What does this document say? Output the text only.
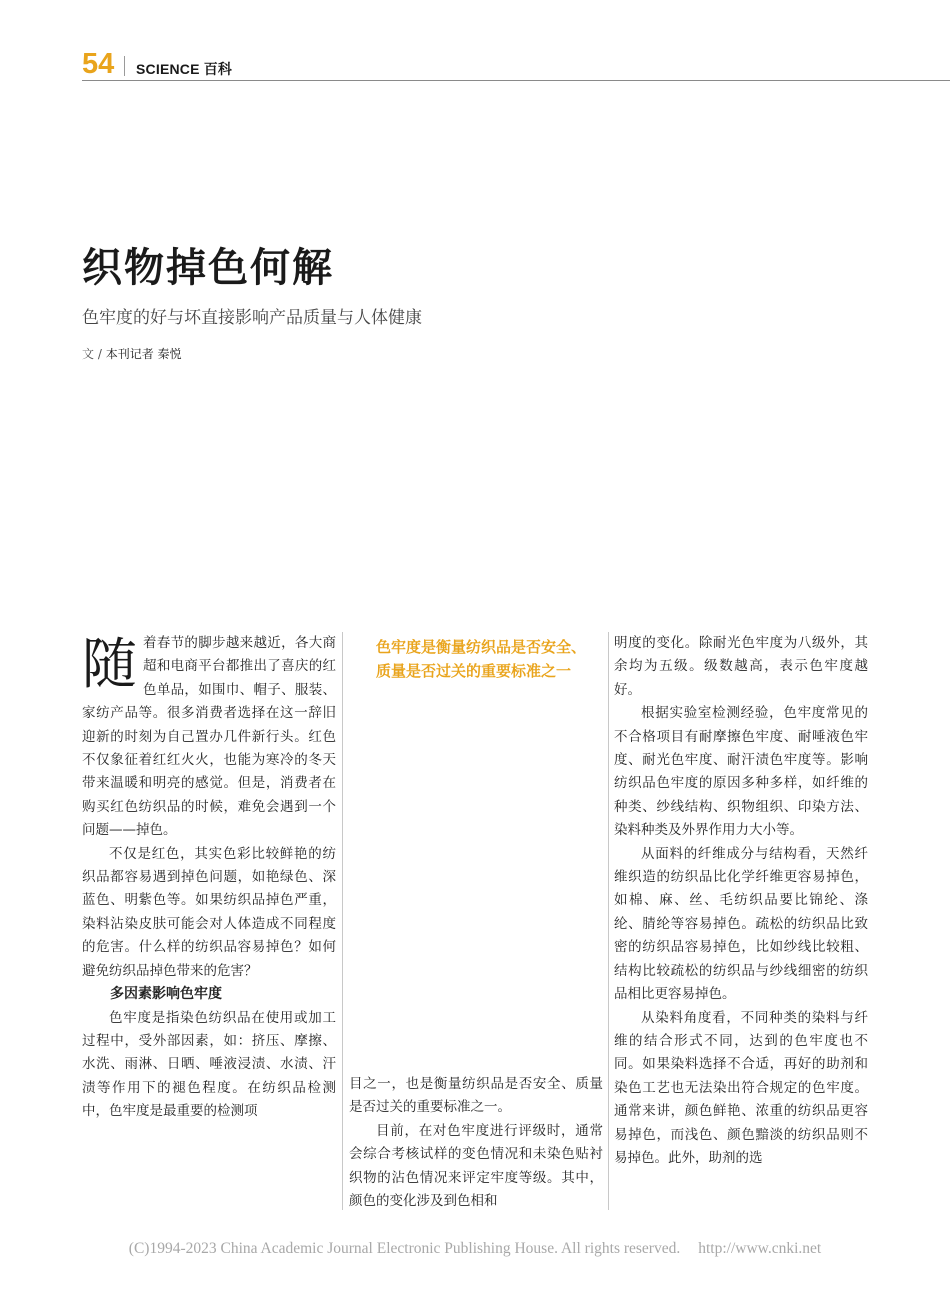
54 SCIENCE 百科
织物掉色何解
色牢度的好与坏直接影响产品质量与人体健康
文 / 本刊记者 秦悦

随着春节的脚步越来越近，各大商超和电商平台都推出了喜庆的红色单品，如围巾、帽子、服装、家纺产品等。很多消费者选择在这一辞旧迎新的时刻为自己置办几件新行头。红色不仅象征着红红火火，也能为寒冷的冬天带来温暖和明亮的感觉。但是，消费者在购买红色纺织品的时候，难免会遇到一个问题——掉色。

不仅是红色，其实色彩比较鲜艳的纺织品都容易遇到掉色问题，如艳绿色、深蓝色、明紫色等。如果纺织品掉色严重，染料沾染皮肤可能会对人体造成不同程度的危害。什么样的纺织品容易掉色？如何避免纺织品掉色带来的危害？

多因素影响色牢度

色牢度是指染色纺织品在使用或加工过程中，受外部因素，如：挤压、摩擦、水洗、雨淋、日晒、唾液浸渍、水渍、汗渍等作用下的褪色程度。在纺织品检测中，色牢度是最重要的检测项

色牢度是衡量纺织品是否安全、质量是否过关的重要标准之一

目之一，也是衡量纺织品是否安全、质量是否过关的重要标准之一。

目前，在对色牢度进行评级时，通常会综合考核试样的变色情况和未染色贴衬织物的沾色情况来评定牢度等级。其中，颜色的变化涉及到色相和

明度的变化。除耐光色牢度为八级外，其余均为五级。级数越高，表示色牢度越好。

根据实验室检测经验，色牢度常见的不合格项目有耐摩擦色牢度、耐唾液色牢度、耐光色牢度、耐汗渍色牢度等。影响纺织品色牢度的原因多种多样，如纤维的种类、纱线结构、织物组织、印染方法、染料种类及外界作用力大小等。

从面料的纤维成分与结构看，天然纤维织造的纺织品比化学纤维更容易掉色，如棉、麻、丝、毛纺织品要比锦纶、涤纶、腈纶等容易掉色。疏松的纺织品比致密的纺织品容易掉色，比如纱线比较粗、结构比较疏松的纺织品与纱线细密的纺织品相比更容易掉色。

从染料角度看，不同种类的染料与纤维的结合形式不同，达到的色牢度也不同。如果染料选择不合适，再好的助剂和染色工艺也无法染出符合规定的色牢度。通常来讲，颜色鲜艳、浓重的纺织品更容易掉色，而浅色、颜色黯淡的纺织品则不易掉色。此外，助剂的选

(C)1994-2023 China Academic Journal Electronic Publishing House. All rights reserved. http://www.cnki.net
